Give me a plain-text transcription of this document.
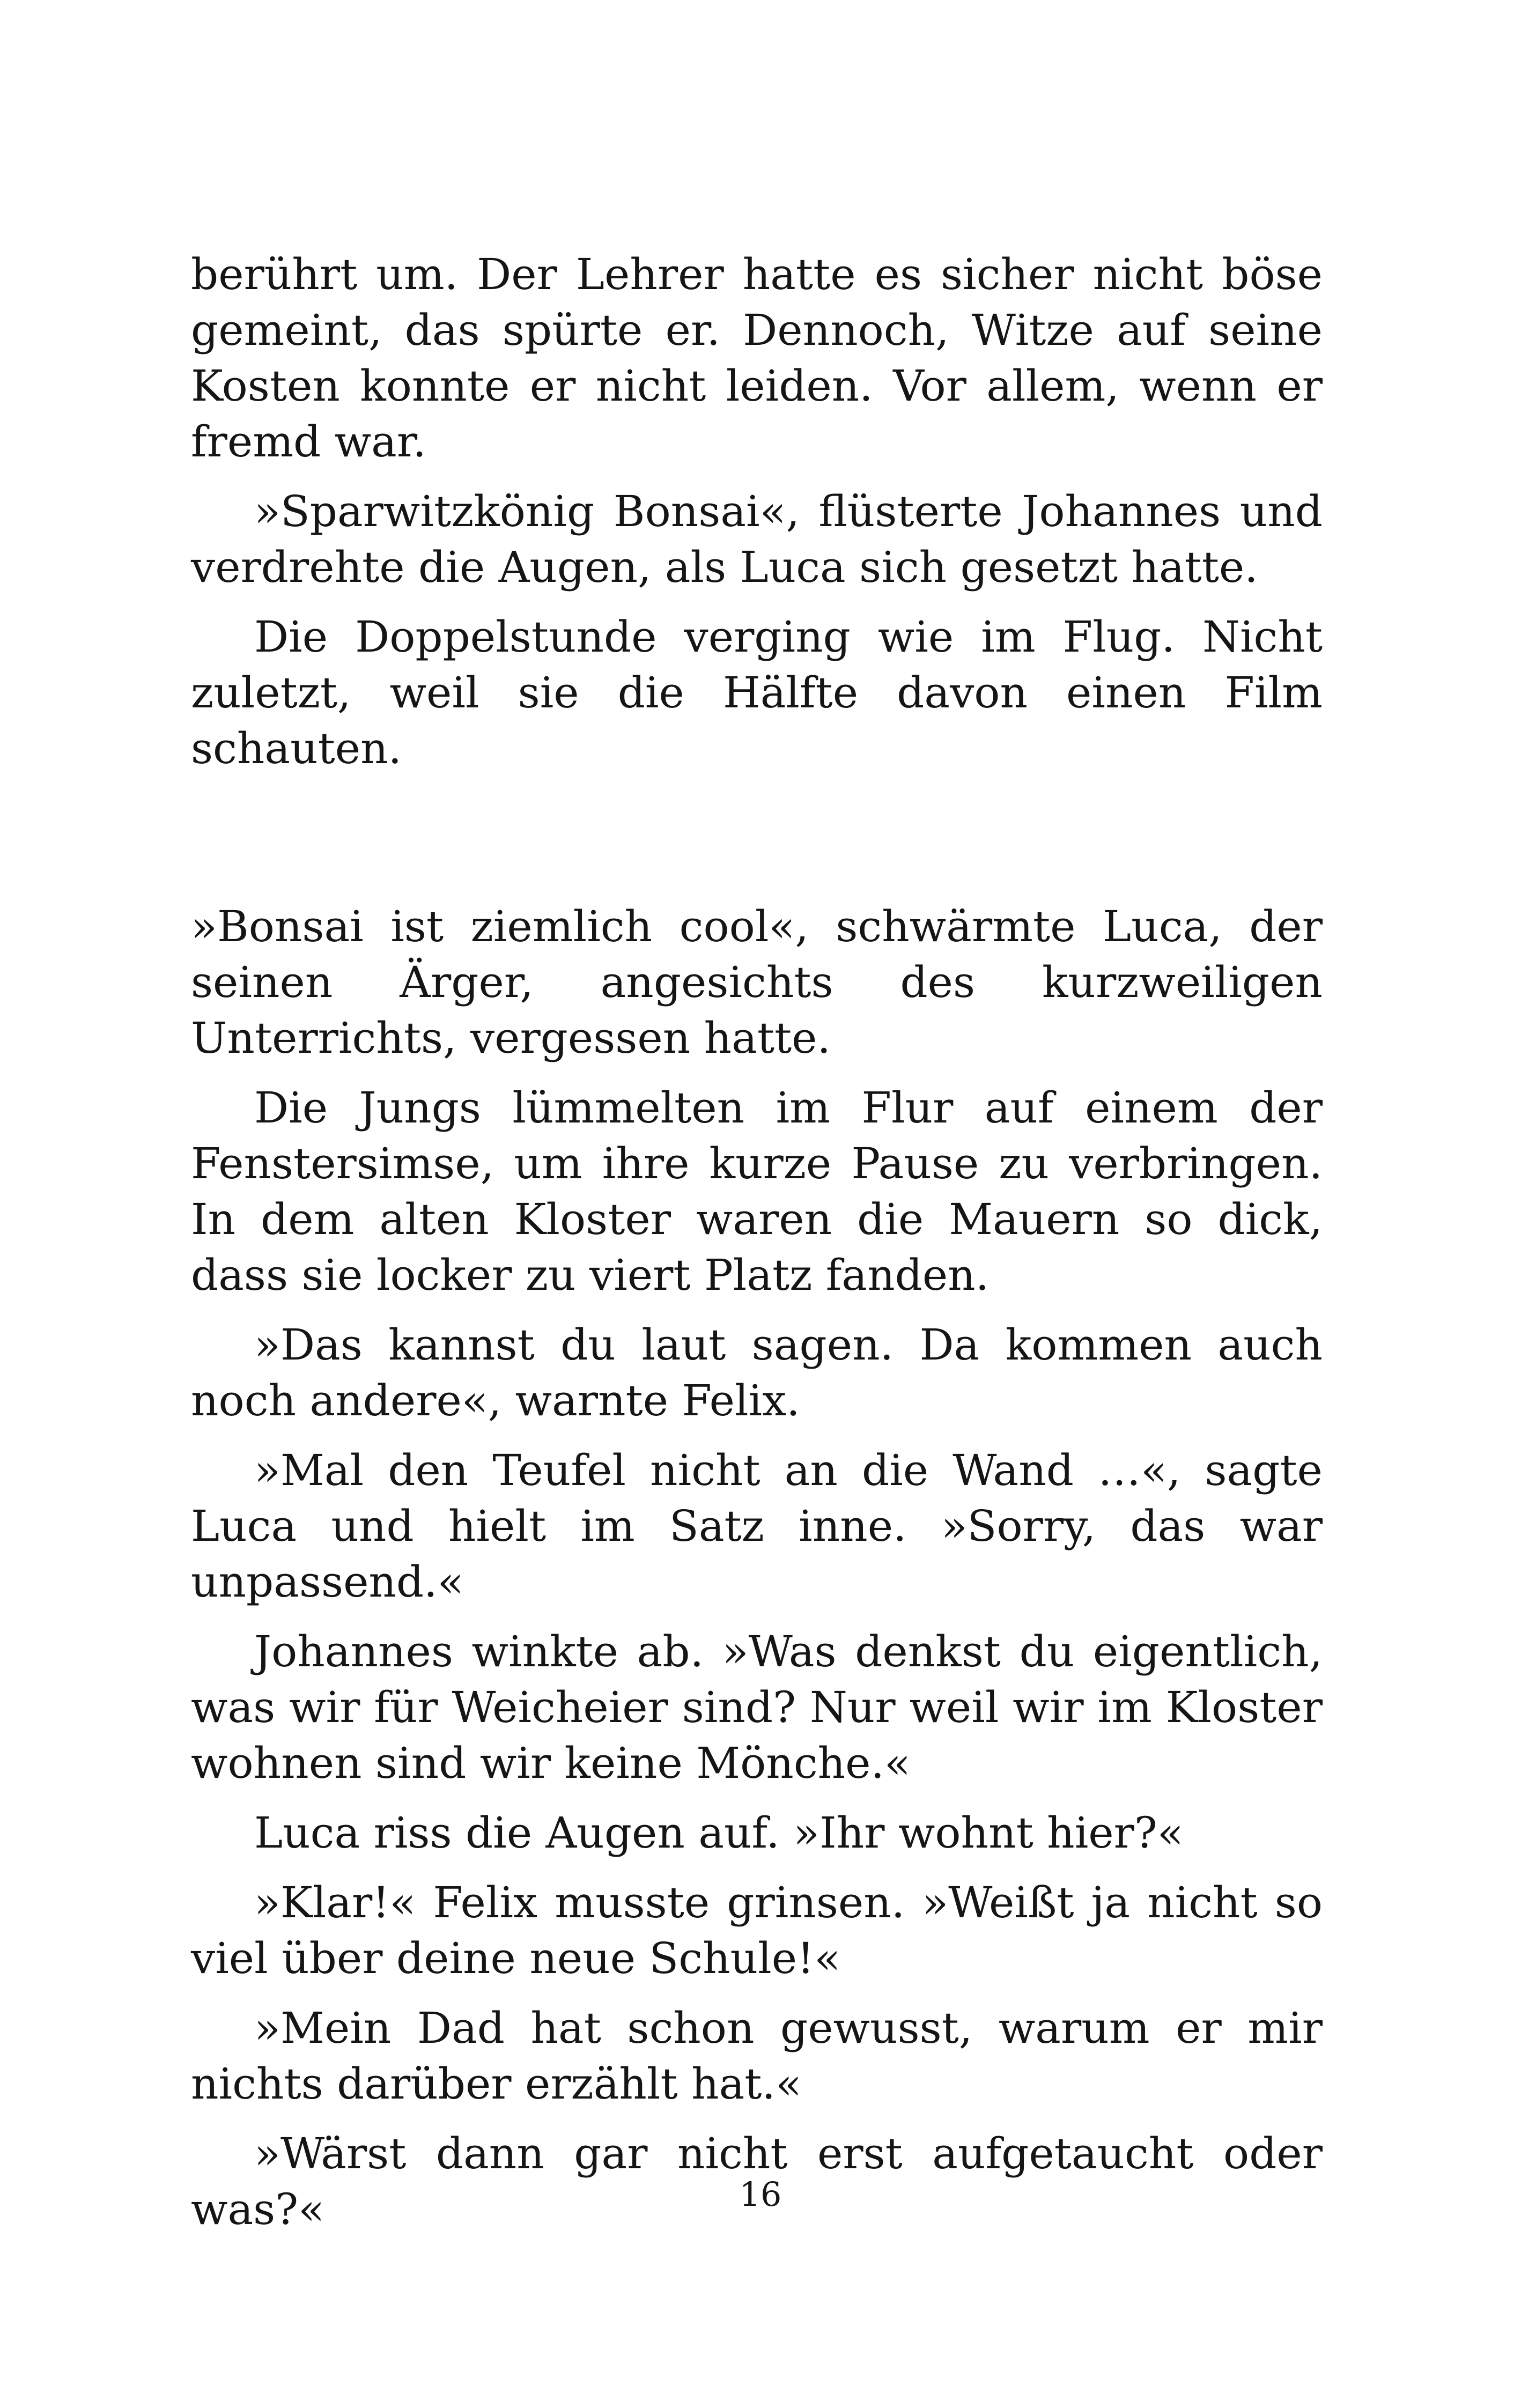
berührt um. Der Lehrer hatte es sicher nicht böse gemeint, das spürte er. Dennoch, Witze auf seine Kosten konnte er nicht leiden. Vor allem, wenn er fremd war.

»Sparwitzkönig Bonsai«, flüsterte Johannes und verdrehte die Augen, als Luca sich gesetzt hatte.

Die Doppelstunde verging wie im Flug. Nicht zuletzt, weil sie die Hälfte davon einen Film schauten.

»Bonsai ist ziemlich cool«, schwärmte Luca, der seinen Ärger, angesichts des kurzweiligen Unterrichts, vergessen hatte.

Die Jungs lümmelten im Flur auf einem der Fenstersimse, um ihre kurze Pause zu verbringen. In dem alten Kloster waren die Mauern so dick, dass sie locker zu viert Platz fanden.

»Das kannst du laut sagen. Da kommen auch noch andere«, warnte Felix.

»Mal den Teufel nicht an die Wand …«, sagte Luca und hielt im Satz inne. »Sorry, das war unpassend.«

Johannes winkte ab. »Was denkst du eigentlich, was wir für Weicheier sind? Nur weil wir im Kloster wohnen sind wir keine Mönche.«

Luca riss die Augen auf. »Ihr wohnt hier?«

»Klar!« Felix musste grinsen. »Weißt ja nicht so viel über deine neue Schule!«

»Mein Dad hat schon gewusst, warum er mir nichts darüber erzählt hat.«

»Wärst dann gar nicht erst aufgetaucht oder was?«	16
